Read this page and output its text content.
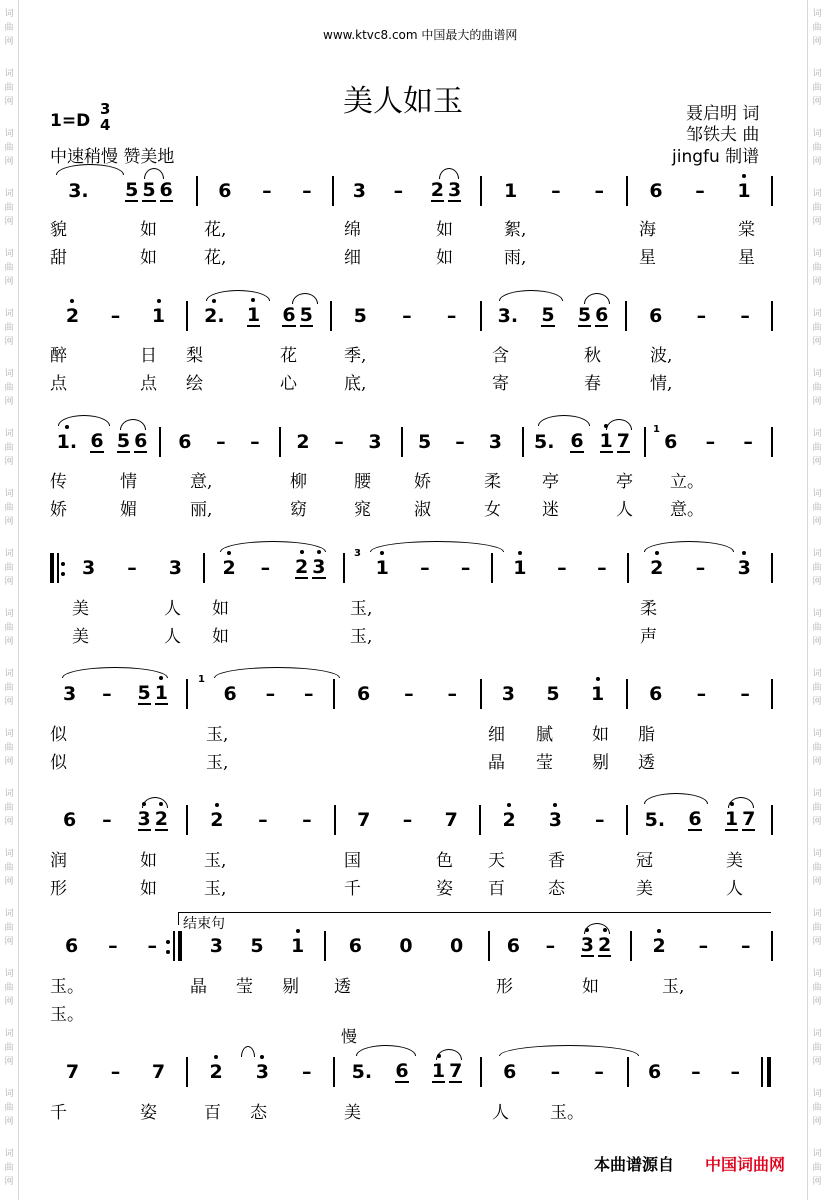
词
曲
网
词
曲
网
词
曲
网
词
曲
网
词
曲
网
词
曲
网
词
曲
网
词
曲
网
词
曲
网
词
曲
网
词
曲
网
词
曲
网
词
曲
网
词
曲
网
词
曲
网
词
曲
网
词
曲
网
词
曲
网
词
曲
网
词
曲
网
词
曲
网
词
曲
网
词
曲
网
词
曲
网
词
曲
网
词
曲
网
词
曲
网
词
曲
网
词
曲
网
词
曲
网
词
曲
网
词
曲
网
词
曲
网
词
曲
网
词
曲
网
词
曲
网
词
曲
网
词
曲
网
词
曲
网
词
曲
网
www.ktvc8.com 中国最大的曲谱网
美人如玉
1=D
3
4
中速稍慢 赞美地
聂启明 词
邹铁夫 曲
jingfu 制谱
3. 5 5 6 6 – – 3 – 2 3 1 – – 6 – 1
貌	如	花,	绵	如	絮,	海	棠
甜	如	花,	细	如	雨,	星	星
2 – 1 2
. 1 6 5 5 – – 3. 5 5 6 6 – –
醉	日 梨	花	季,	含	秋	波,
点	点 绘	心	底,	寄	春	情,
1
. 6 5 6 6 – – 2 – 3 5 – 3 5. 6 1 7 6 – –
1
传	情	意,	柳	腰	娇	柔 亭	亭 立。
娇	媚	丽,	窈	窕	淑	女 迷	人 意。
3 – 3 2 – 2 3	1 – – 1 – – 2 – 3
3
美	人 如	玉,	柔
美	人 如	玉,	声
3 – 5 1	6 – – 6 – – 3 5 1 6 – –
1
似	玉,	细 腻 如 脂
似	玉,	晶 莹 剔 透
6 – 3 2 2 – – 7 – 7 2 3 – 5. 6 1 7
润	如	玉,	国	色 天	香	冠	美
形	如	玉,	千	姿 百	态	美	人
结束句
6 – –	3 5 1 6 0 0 6 – 3 2 2 – –
玉。	晶 莹 剔 透	形	如	玉,
玉。
慢
7 – 7 2 3 – 5. 6 1 7 6 – – 6 – –
千	姿	百 态	美	人 玉。
本曲谱源自 中国词曲网
